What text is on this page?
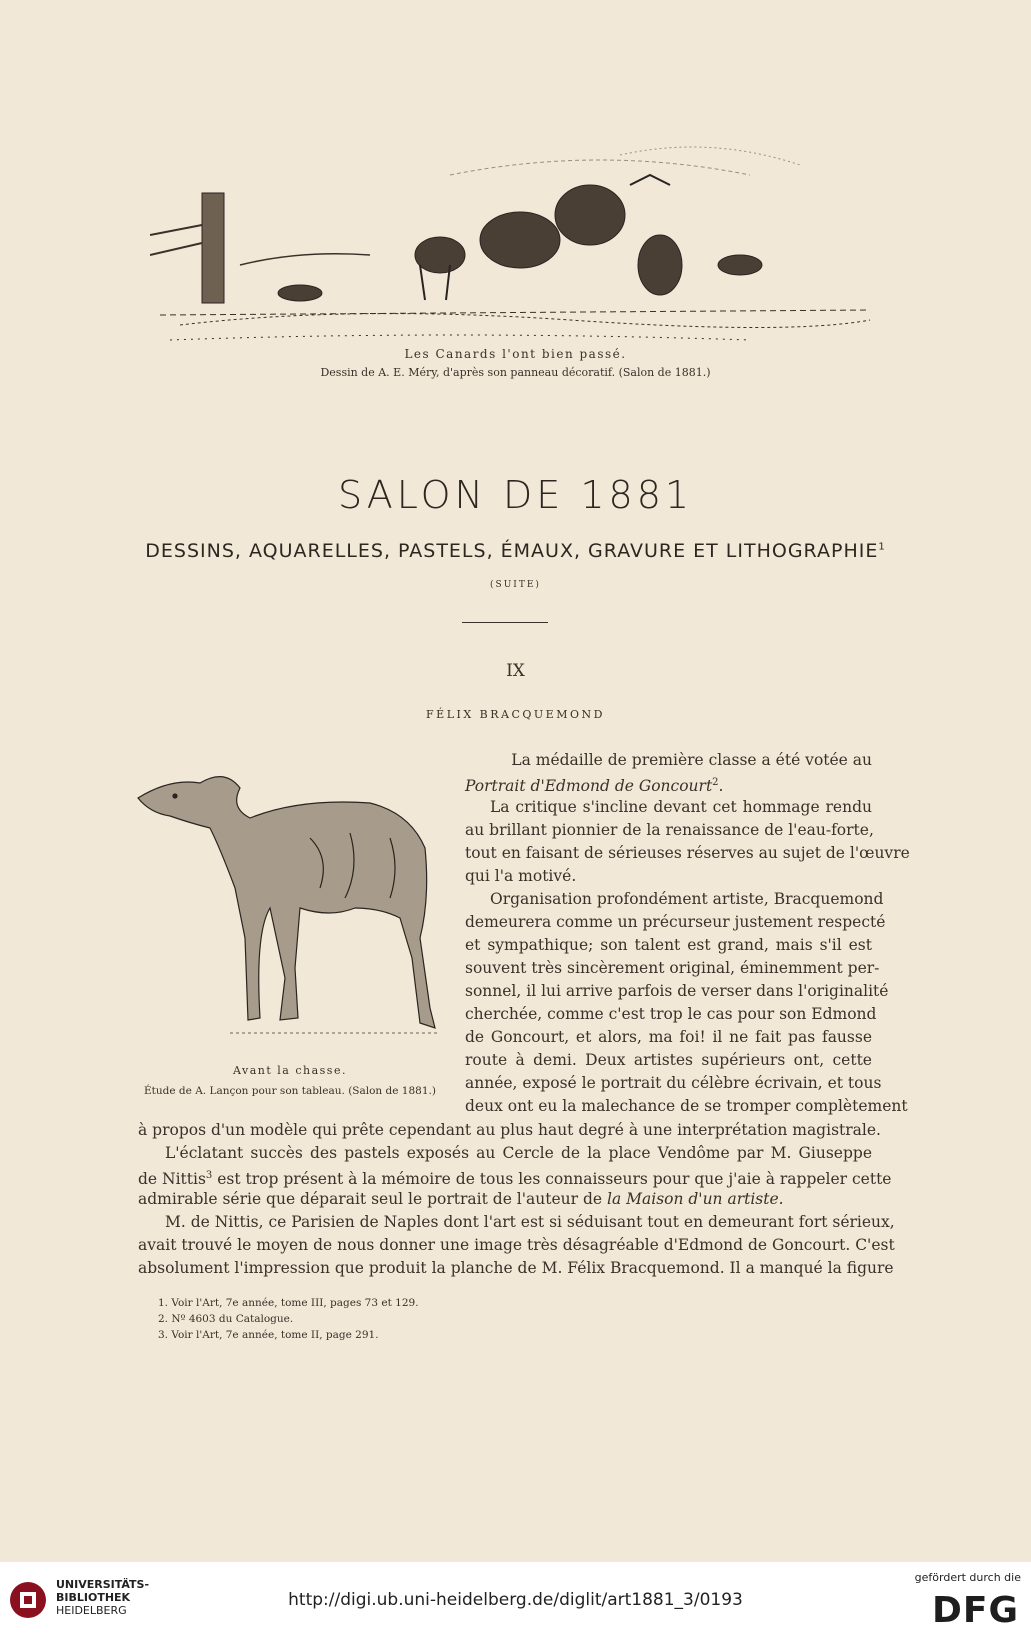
Les Canards l'ont bien passé.
Dessin de A. E. Méry, d'après son panneau décoratif. (Salon de 1881.)
SALON DE 1881
DESSINS, AQUARELLES, PASTELS, ÉMAUX, GRAVURE ET LITHOGRAPHIE$^1$
(SUITE)
IX
FÉLIX BRACQUEMOND
Avant la chasse.
Étude de A. Lançon pour son tableau. (Salon de 1881.)
La médaille de première classe a été votée au
Portrait d'Edmond de Goncourt$^2$.
La critique s'incline devant cet hommage rendu
au brillant pionnier de la renaissance de l'eau-forte,
tout en faisant de sérieuses réserves au sujet de l'œuvre
qui l'a motivé.
Organisation profondément artiste, Bracquemond
demeurera comme un précurseur justement respecté
et sympathique; son talent est grand, mais s'il est
souvent très sincèrement original, éminemment per-
sonnel, il lui arrive parfois de verser dans l'originalité
cherchée, comme c'est trop le cas pour son Edmond
de Goncourt, et alors, ma foi! il ne fait pas fausse
route à demi. Deux artistes supérieurs ont, cette
année, exposé le portrait du célèbre écrivain, et tous
deux ont eu la malechance de se tromper complètement
à propos d'un modèle qui prête cependant au plus haut degré à une interprétation magistrale.
L'éclatant succès des pastels exposés au Cercle de la place Vendôme par M. Giuseppe
de Nittis$^3$ est trop présent à la mémoire de tous les connaisseurs pour que j'aie à rappeler cette
admirable série que déparait seul le portrait de l'auteur de la Maison d'un artiste.
M. de Nittis, ce Parisien de Naples dont l'art est si séduisant tout en demeurant fort sérieux,
avait trouvé le moyen de nous donner une image très désagréable d'Edmond de Goncourt. C'est
absolument l'impression que produit la planche de M. Félix Bracquemond. Il a manqué la figure
1. Voir l'Art, 7e année, tome III, pages 73 et 129.
2. Nº 4603 du Catalogue.
3. Voir l'Art, 7e année, tome II, page 291.
UNIVERSITÄTS-
BIBLIOTHEK
HEIDELBERG
http://digi.ub.uni-heidelberg.de/diglit/art1881_3/0193
gefördert durch die
DFG
